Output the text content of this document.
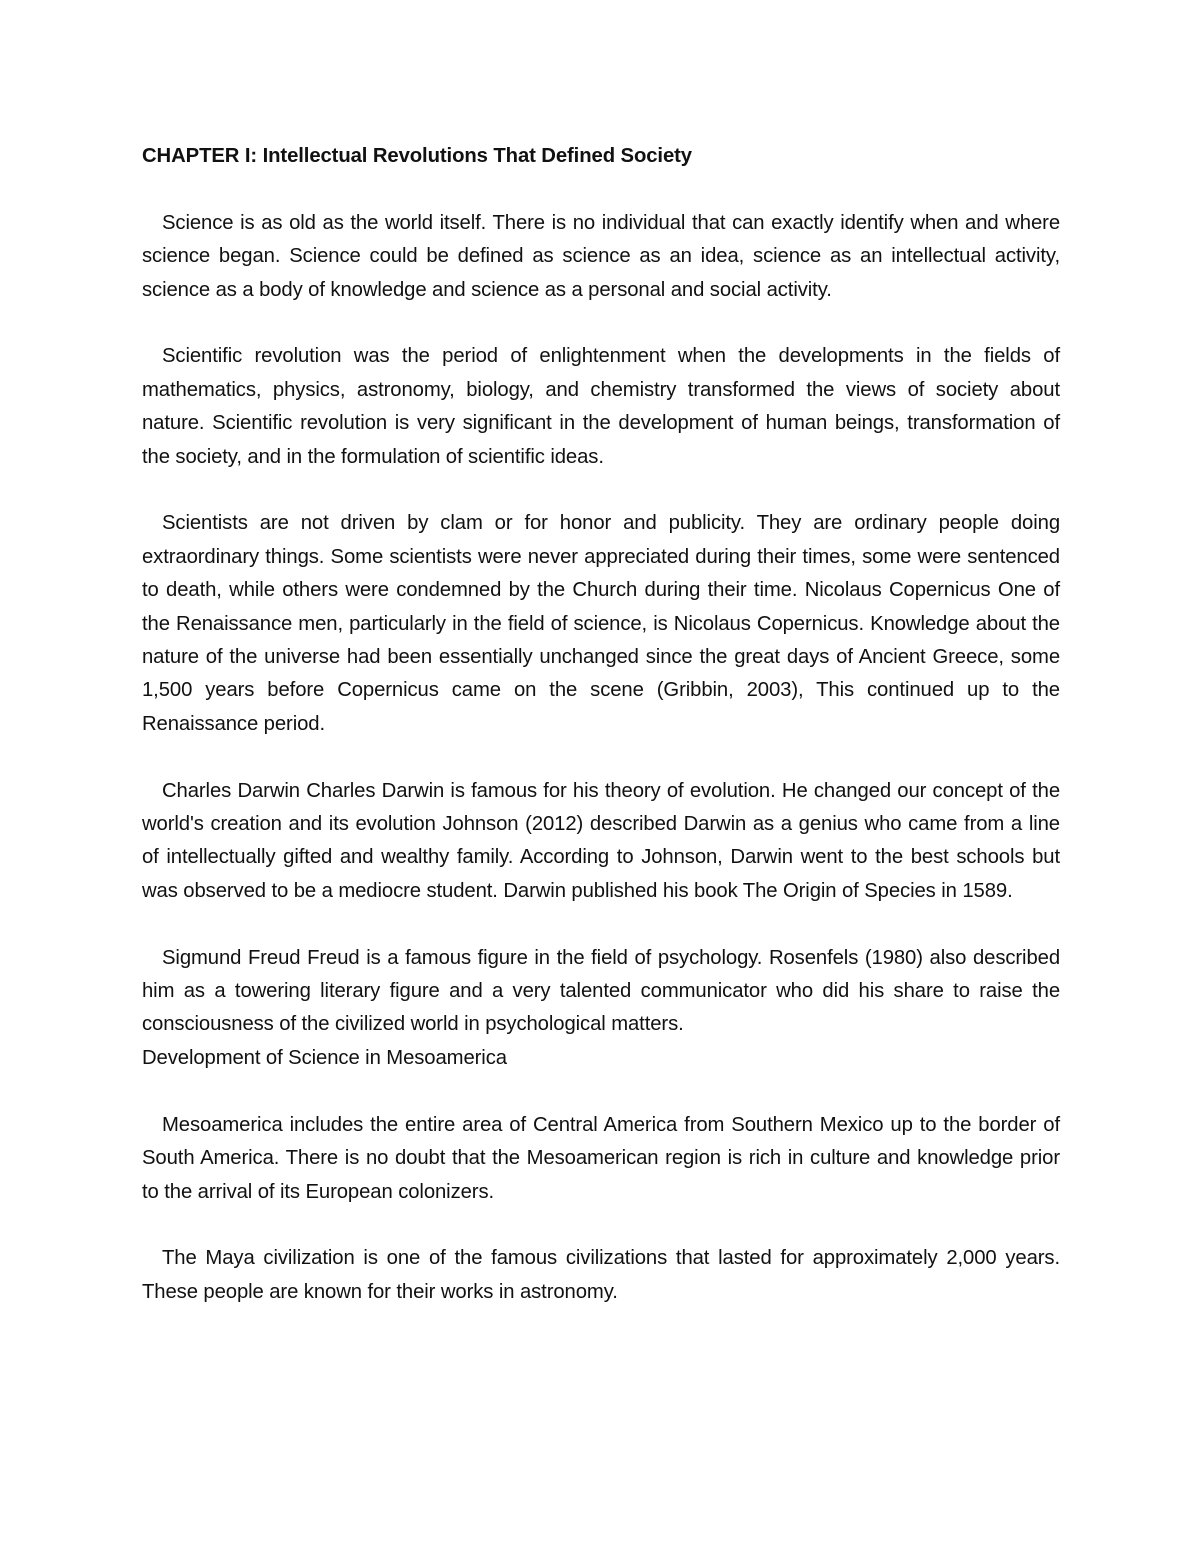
CHAPTER I: Intellectual Revolutions That Defined Society

Science is as old as the world itself. There is no individual that can exactly identify when and where science began. Science could be defined as science as an idea, science as an intellectual activity, science as a body of knowledge and science as a personal and social activity.

Scientific revolution was the period of enlightenment when the developments in the fields of mathematics, physics, astronomy, biology, and chemistry transformed the views of society about nature. Scientific revolution is very significant in the development of human beings, transformation of the society, and in the formulation of scientific ideas.

Scientists are not driven by clam or for honor and publicity. They are ordinary people doing extraordinary things. Some scientists were never appreciated during their times, some were sentenced to death, while others were condemned by the Church during their time. Nicolaus Copernicus One of the Renaissance men, particularly in the field of science, is Nicolaus Copernicus. Knowledge about the nature of the universe had been essentially unchanged since the great days of Ancient Greece, some 1,500 years before Copernicus came on the scene (Gribbin, 2003), This continued up to the Renaissance period.

Charles Darwin Charles Darwin is famous for his theory of evolution. He changed our concept of the world's creation and its evolution Johnson (2012) described Darwin as a genius who came from a line of intellectually gifted and wealthy family. According to Johnson, Darwin went to the best schools but was observed to be a mediocre student. Darwin published his book The Origin of Species in 1589.

Sigmund Freud Freud is a famous figure in the field of psychology. Rosenfels (1980) also described him as a towering literary figure and a very talented communicator who did his share to raise the consciousness of the civilized world in psychological matters.

Development of Science in Mesoamerica

Mesoamerica includes the entire area of Central America from Southern Mexico up to the border of South America. There is no doubt that the Mesoamerican region is rich in culture and knowledge prior to the arrival of its European colonizers.

The Maya civilization is one of the famous civilizations that lasted for approximately 2,000 years. These people are known for their works in astronomy.
